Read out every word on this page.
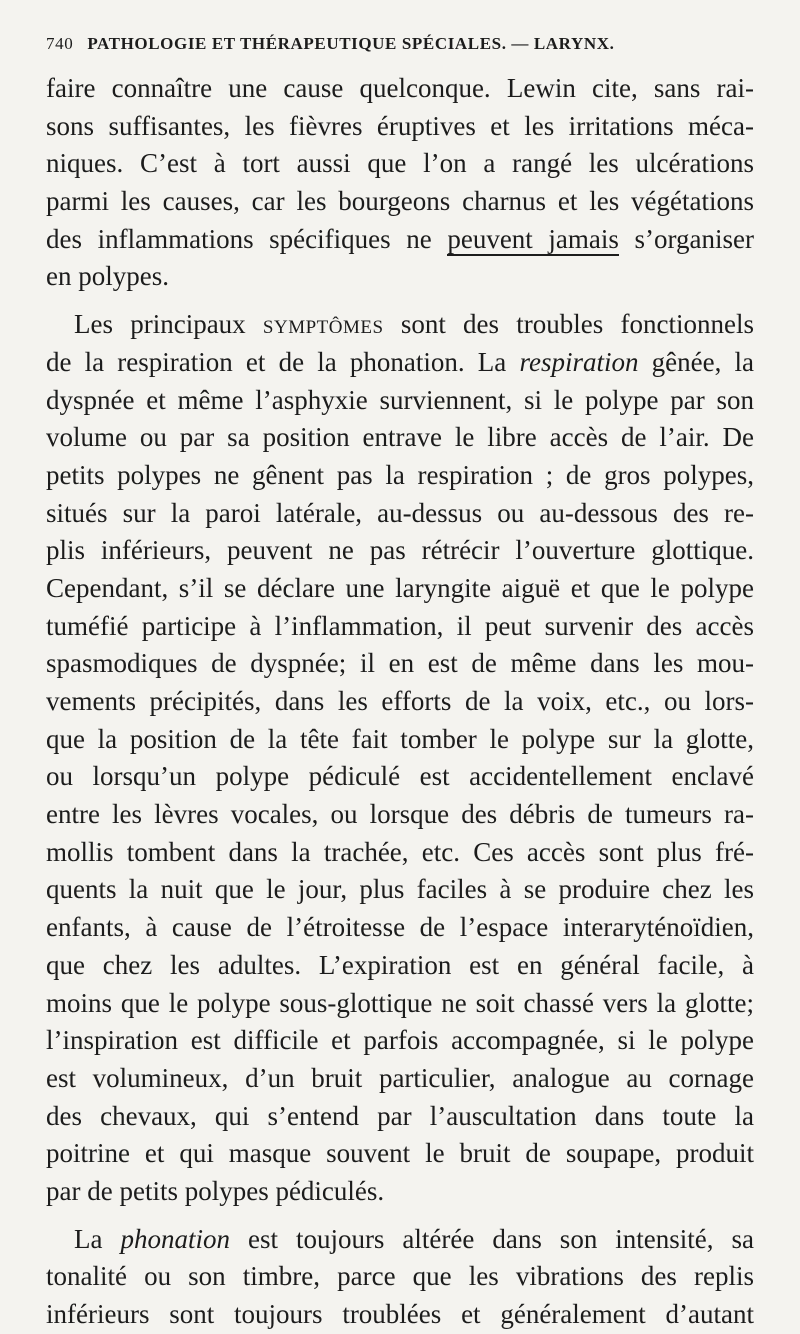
740 PATHOLOGIE ET THÉRAPEUTIQUE SPÉCIALES. — LARYNX.
faire connaître une cause quelconque. Lewin cite, sans rai-
sons suffisantes, les fièvres éruptives et les irritations méca-
niques. C’est à tort aussi que l’on a rangé les ulcérations
parmi les causes, car les bourgeons charnus et les végétations
des inflammations spécifiques ne peuvent jamais s’organiser
en polypes.
Les principaux symptômes sont des troubles fonctionnels
de la respiration et de la phonation. La respiration gênée, la
dyspnée et même l’asphyxie surviennent, si le polype par son
volume ou par sa position entrave le libre accès de l’air. De
petits polypes ne gênent pas la respiration ; de gros polypes,
situés sur la paroi latérale, au-dessus ou au-dessous des re-
plis inférieurs, peuvent ne pas rétrécir l’ouverture glottique.
Cependant, s’il se déclare une laryngite aiguë et que le polype
tuméfié participe à l’inflammation, il peut survenir des accès
spasmodiques de dyspnée; il en est de même dans les mou-
vements précipités, dans les efforts de la voix, etc., ou lors-
que la position de la tête fait tomber le polype sur la glotte,
ou lorsqu’un polype pédiculé est accidentellement enclavé
entre les lèvres vocales, ou lorsque des débris de tumeurs ra-
mollis tombent dans la trachée, etc. Ces accès sont plus fré-
quents la nuit que le jour, plus faciles à se produire chez les
enfants, à cause de l’étroitesse de l’espace interaryténoïdien,
que chez les adultes. L’expiration est en général facile, à
moins que le polype sous-glottique ne soit chassé vers la glotte;
l’inspiration est difficile et parfois accompagnée, si le polype
est volumineux, d’un bruit particulier, analogue au cornage
des chevaux, qui s’entend par l’auscultation dans toute la
poitrine et qui masque souvent le bruit de soupape, produit
par de petits polypes pédiculés.
La phonation est toujours altérée dans son intensité, sa
tonalité ou son timbre, parce que les vibrations des replis
inférieurs sont toujours troublées et généralement d’autant
